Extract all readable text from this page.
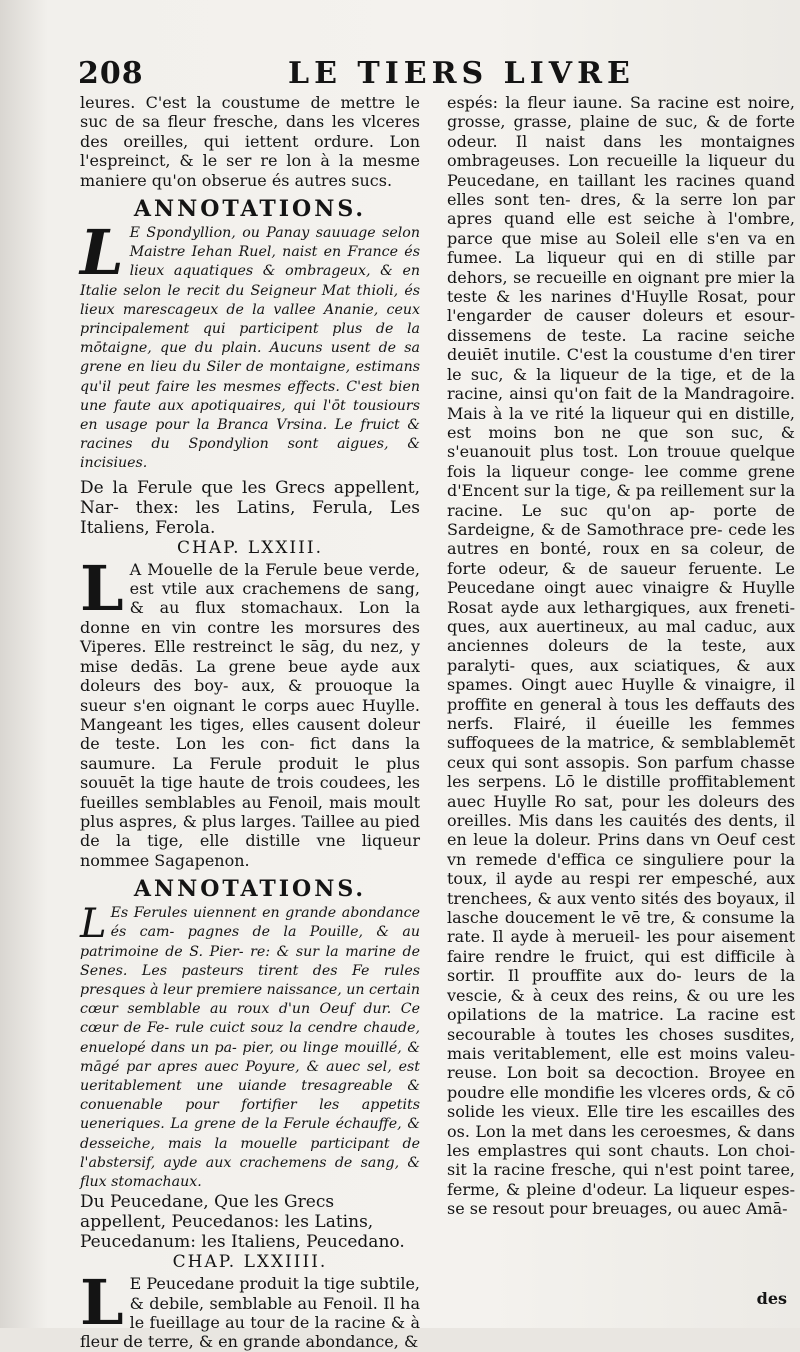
208	LE TIERS LIVRE

leures. C'est la coustume de mettre le suc de sa fleur fresche, dans les vlceres des oreilles, qui iettent ordure. Lon l'espreinct, & le ser re lon à la mesme maniere qu'on obserue és autres sucs.

ANNOTATIONS.

L E Spondyllion, ou Panay sauuage selon Maistre Iehan Ruel, naist en France és lieux aquatiques & ombrageux, & en Italie selon le recit du Seigneur Mat thioli, és lieux marescageux de la vallee Ananie, ceux principalement qui participent plus de la mōtaigne, que du plain. Aucuns usent de sa grene en lieu du Siler de montaigne, estimans qu'il peut faire les mesmes effects. C'est bien une faute aux apotiquaires, qui l'ōt tousiours en usage pour la Branca Vrsina. Le fruict & racines du Spondylion sont aigues, & incisiues.

De la Ferule que les Grecs appellent, Nar- thex: les Latins, Ferula, Les Italiens, Ferola.

CHAP. LXXIII.

L A Mouelle de la Ferule beue verde, est vtile aux crachemens de sang, & au flux stomachaux. Lon la donne en vin contre les morsures des Viperes. Elle restreinct le sāg, du nez, y mise dedās. La grene beue ayde aux doleurs des boy- aux, & prouoque la sueur s'en oignant le corps auec Huylle. Mangeant les tiges, elles causent doleur de teste. Lon les con- fict dans la saumure. La Ferule produit le plus souuēt la tige haute de trois coudees, les fueilles semblables au Fenoil, mais moult plus aspres, & plus larges. Taillee au pied de la tige, elle distille vne liqueur nommee Sagapenon.

ANNOTATIONS.

L Es Ferules uiennent en grande abondance és cam- pagnes de la Pouille, & au patrimoine de S. Pier- re: & sur la marine de Senes. Les pasteurs tirent des Fe rules presques à leur premiere naissance, un certain cœur semblable au roux d'un Oeuf dur. Ce cœur de Fe- rule cuict souz la cendre chaude, enuelopé dans un pa- pier, ou linge mouillé, & māgé par apres auec Poyure, & auec sel, est ueritablement une uiande tresagreable & conuenable pour fortifier les appetits ueneriques. La grene de la Ferule échauffe, & desseiche, mais la mouelle participant de l'abstersif, ayde aux crachemens de sang, & flux stomachaux.

Du Peucedane, Que les Grecs appellent, Peucedanos: les Latins, Peucedanum: les Italiens, Peucedano.

CHAP. LXXIIII.

L E Peucedane produit la tige subtile, & debile, semblable au Fenoil. Il ha le fueillage au tour de la racine & à fleur de terre, & en grande abondance, &

espés: la fleur iaune. Sa racine est noire, grosse, grasse, plaine de suc, & de forte odeur. Il naist dans les montaignes ombrageuses. Lon recueille la liqueur du Peucedane, en taillant les racines quand elles sont ten- dres, & la serre lon par apres quand elle est seiche à l'ombre, parce que mise au Soleil elle s'en va en fumee. La liqueur qui en di stille par dehors, se recueille en oignant pre mier la teste & les narines d'Huylle Rosat, pour l'engarder de causer doleurs et esour- dissemens de teste. La racine seiche deuiēt inutile. C'est la coustume d'en tirer le suc, & la liqueur de la tige, et de la racine, ainsi qu'on fait de la Mandragoire. Mais à la ve rité la liqueur qui en distille, est moins bon ne que son suc, & s'euanouit plus tost. Lon trouue quelque fois la liqueur conge- lee comme grene d'Encent sur la tige, & pa reillement sur la racine. Le suc qu'on ap- porte de Sardeigne, & de Samothrace pre- cede les autres en bonté, roux en sa coleur, de forte odeur, & de saueur feruente. Le Peucedane oingt auec vinaigre & Huylle Rosat ayde aux lethargiques, aux freneti- ques, aux auertineux, au mal caduc, aux anciennes doleurs de la teste, aux paralyti- ques, aux sciatiques, & aux spames. Oingt auec Huylle & vinaigre, il proffite en general à tous les deffauts des nerfs. Flairé, il éueille les femmes suffoquees de la matrice, & semblablemēt ceux qui sont assopis. Son parfum chasse les serpens. Lō le distille proffitablement auec Huylle Ro sat, pour les doleurs des oreilles. Mis dans les cauités des dents, il en leue la doleur. Prins dans vn Oeuf cest vn remede d'effica ce singuliere pour la toux, il ayde au respi rer empesché, aux trenchees, & aux vento sités des boyaux, il lasche doucement le vē tre, & consume la rate. Il ayde à merueil- les pour aisement faire rendre le fruict, qui est difficile à sortir. Il prouffite aux do- leurs de la vescie, & à ceux des reins, & ou ure les opilations de la matrice. La racine est secourable à toutes les choses susdites, mais veritablement, elle est moins valeu- reuse. Lon boit sa decoction. Broyee en poudre elle mondifie les vlceres ords, & cō solide les vieux. Elle tire les escailles des os. Lon la met dans les ceroesmes, & dans les emplastres qui sont chauts. Lon choi- sit la racine fresche, qui n'est point taree, ferme, & pleine d'odeur. La liqueur espes- se se resout pour breuages, ou auec Amā-

des
